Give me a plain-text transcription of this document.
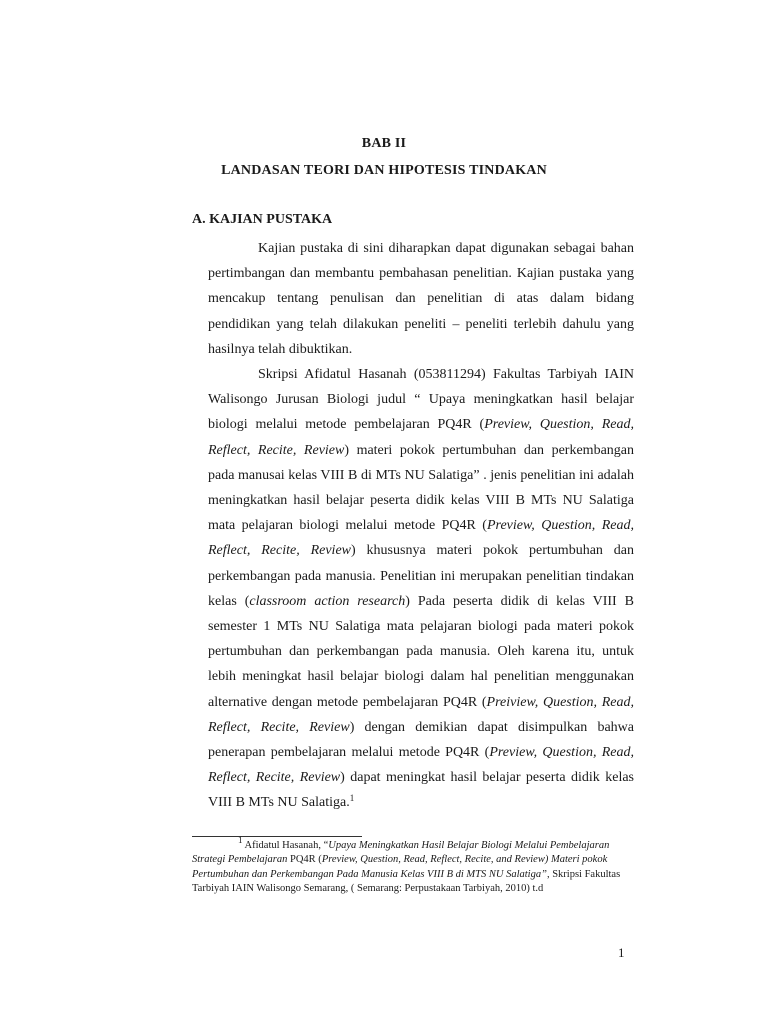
BAB II
LANDASAN TEORI DAN HIPOTESIS TINDAKAN
A. KAJIAN PUSTAKA

Kajian pustaka di sini diharapkan dapat digunakan sebagai bahan pertimbangan dan membantu pembahasan penelitian. Kajian pustaka yang mencakup tentang penulisan dan penelitian di atas dalam bidang pendidikan yang telah dilakukan peneliti – peneliti terlebih dahulu yang hasilnya telah dibuktikan.

Skripsi Afidatul Hasanah (053811294) Fakultas Tarbiyah IAIN Walisongo Jurusan Biologi judul “ Upaya meningkatkan hasil belajar biologi melalui metode pembelajaran PQ4R (Preview, Question, Read, Reflect, Recite, Review) materi pokok pertumbuhan dan perkembangan pada manusai kelas VIII B di MTs NU Salatiga” . jenis penelitian ini adalah meningkatkan hasil belajar peserta didik kelas VIII B MTs NU Salatiga mata pelajaran biologi melalui metode PQ4R (Preview, Question, Read, Reflect, Recite, Review) khususnya materi pokok pertumbuhan dan perkembangan pada manusia. Penelitian ini merupakan penelitian tindakan kelas (classroom action research) Pada peserta didik di kelas VIII B semester 1 MTs NU Salatiga mata pelajaran biologi pada materi pokok pertumbuhan dan perkembangan pada manusia. Oleh karena itu, untuk lebih meningkat hasil belajar biologi dalam hal penelitian menggunakan alternative dengan metode pembelajaran PQ4R (Preiview, Question, Read, Reflect, Recite, Review) dengan demikian dapat disimpulkan bahwa penerapan pembelajaran melalui metode PQ4R (Preview, Question, Read, Reflect, Recite, Review) dapat meningkat hasil belajar peserta didik kelas VIII B MTs NU Salatiga.$^1$

$^1$ Afidatul Hasanah, “Upaya Meningkatkan Hasil Belajar Biologi Melalui Pembelajaran Strategi Pembelajaran PQ4R (Preview, Question, Read, Reflect, Recite, and Review) Materi pokok Pertumbuhan dan Perkembangan Pada Manusia Kelas VIII B di MTS NU Salatiga”, Skripsi Fakultas Tarbiyah IAIN Walisongo Semarang, ( Semarang: Perpustakaan Tarbiyah, 2010) t.d
1
